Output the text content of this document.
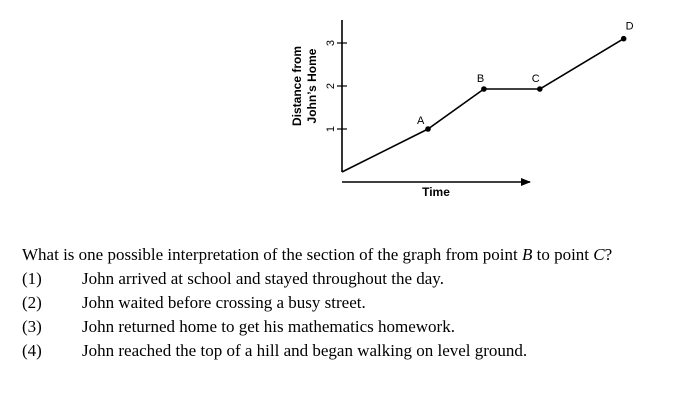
1
2
3
A
B	C
D
Time
Distance from John’s Home
What is one possible interpretation of the section of the graph from point B to point C?
(1) John arrived at school and stayed throughout the day.
(2) John waited before crossing a busy street.
(3) John returned home to get his mathematics homework.
(4) John reached the top of a hill and began walking on level ground.
